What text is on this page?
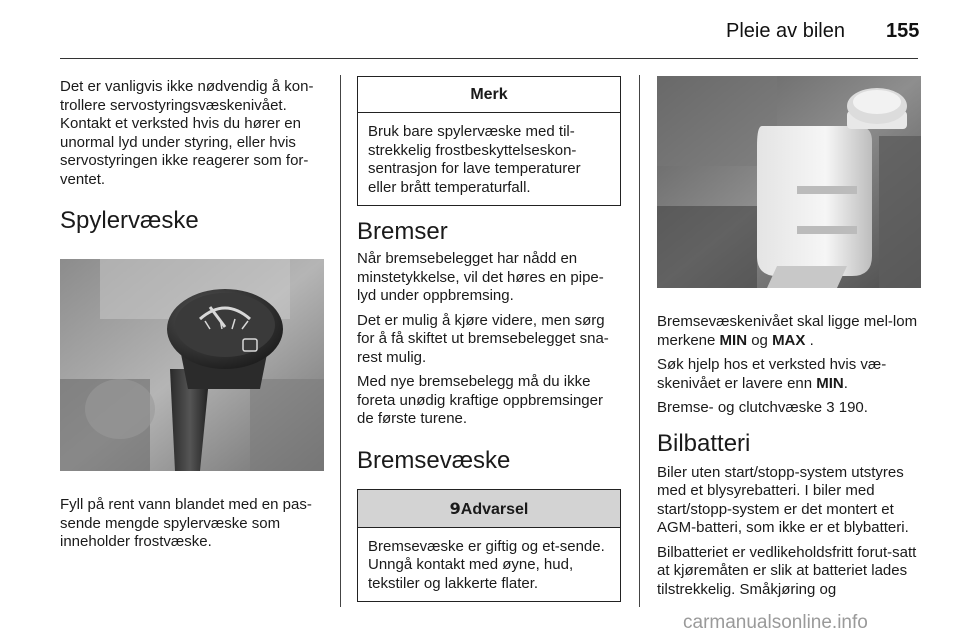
Pleie av bilen 155

Det er vanligvis ikke nødvendig å kon-trollere servostyringsvæskenivået. Kontakt et verksted hvis du hører en unormal lyd under styring, eller hvis servostyringen ikke reagerer som for-ventet.

Spylervæske

Fyll på rent vann blandet med en pas-sende mengde spylervæske som inneholder frostvæske.

Merk

Bruk bare spylervæske med til-strekkelig frostbeskyttelseskon-sentrasjon for lave temperaturer eller brått temperaturfall.

Bremser

Når bremsebelegget har nådd en minstetykkelse, vil det høres en pipe-lyd under oppbremsing.

Det er mulig å kjøre videre, men sørg for å få skiftet ut bremsebelegget sna-rest mulig.

Med nye bremsebelegg må du ikke foreta unødig kraftige oppbremsinger de første turene.

Bremsevæske
9Advarsel

Bremsevæske er giftig og et-sende. Unngå kontakt med øyne, hud, tekstiler og lakkerte flater.

Bremsevæskenivået skal ligge mel-lom merkene MIN og MAX .

Søk hjelp hos et verksted hvis væ-skenivået er lavere enn MIN.

Bremse- og clutchvæske 3 190.

Bilbatteri

Biler uten start/stopp-system utstyres med et blysyrebatteri. I biler med start/stopp-system er det montert et AGM-batteri, som ikke er et blybatteri.

Bilbatteriet er vedlikeholdsfritt forut-satt at kjøremåten er slik at batteriet lades tilstrekkelig. Småkjøring og

carmanualsonline.info
